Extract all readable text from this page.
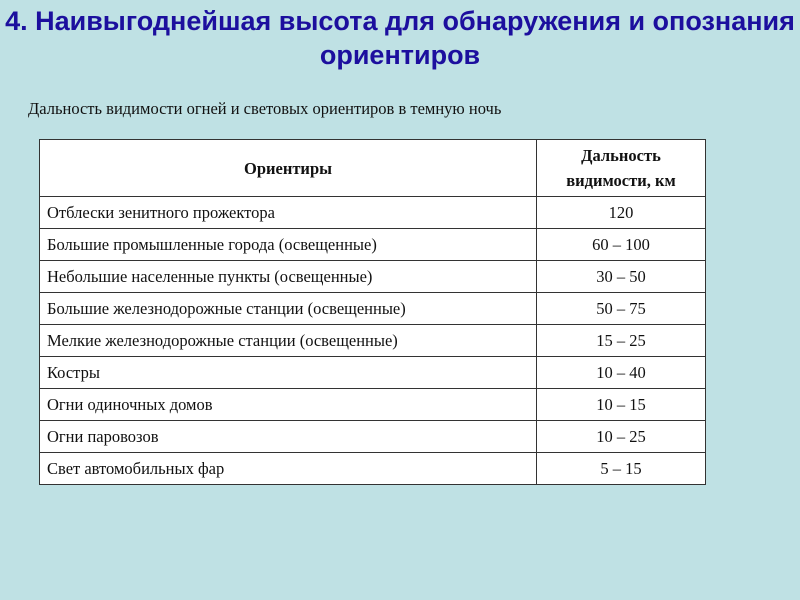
4. Наивыгоднейшая высота для обнаружения и опознания ориентиров
Дальность видимости огней и световых ориентиров в темную ночь
Ориентиры	Дальность видимости, км
Отблески зенитного прожектора	120
Большие промышленные города (освещенные)	60 – 100
Небольшие населенные пункты (освещенные)	30 – 50
Большие железнодорожные станции (освещенные)	50 – 75
Мелкие железнодорожные станции (освещенные)	15 – 25
Костры	10 – 40
Огни одиночных домов	10 – 15
Огни паровозов	10 – 25
Свет автомобильных фар	5 – 15
